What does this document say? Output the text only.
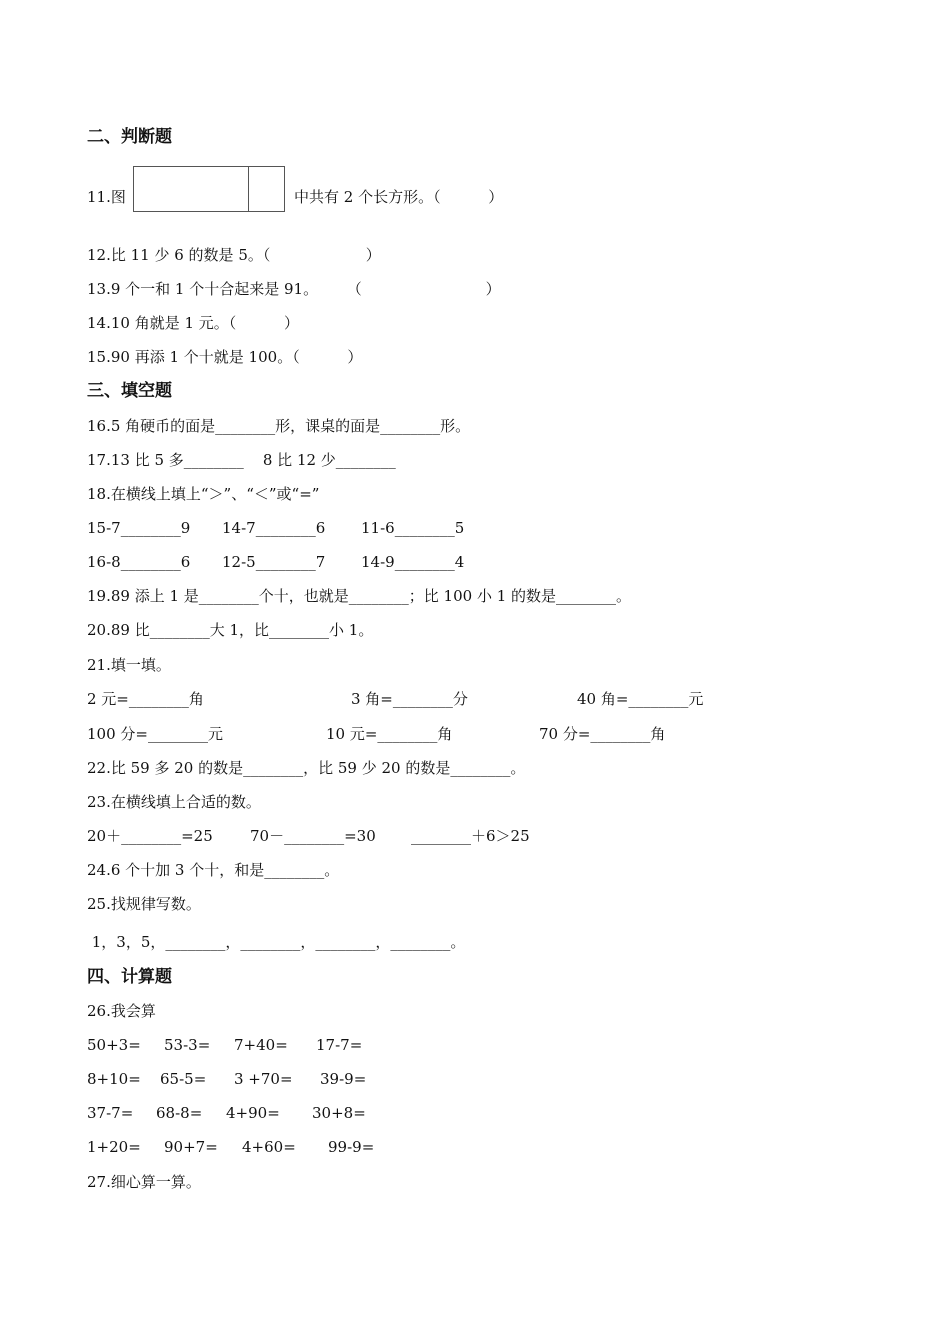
二、判断题
11.图	中共有 2 个长方形。（          ）
12.比 11 少 6 的数是 5。（                    ）
13.9 个一和 1 个十合起来是 91。      （                          ）
14.10 角就是 1 元。（          ）
15.90 再添 1 个十就是 100。（          ）
三、填空题
16.5 角硬币的面是________形，课桌的面是________形。
17.13 比 5 多________    8 比 12 少________
18.在横线上填上“＞”、“＜”或“=”
15-7________9 14-7________6 11-6________5
16-8________6 12-5________7 14-9________4
19.89 添上 1 是________个十，也就是________；比 100 小 1 的数是________。
20.89 比________大 1，比________小 1。
21.填一填。
2 元=________角	3 角=________分	40 角=________元
100 分=________元	10 元=________角	70 分=________角
22.比 59 多 20 的数是________，比 59 少 20 的数是________。
23.在横线填上合适的数。
20＋________=25 70－________=30 ________＋6＞25
24.6 个十加 3 个十，和是________。
25.找规律写数。
1，3，5，________，________，________，________。
四、计算题
26.我会算
50+3= 53-3= 7+40= 17-7=
8+10= 65-5= 3 +70= 39-9=
37-7= 68-8= 4+90= 30+8=
1+20= 90+7= 4+60= 99-9=
27.细心算一算。
